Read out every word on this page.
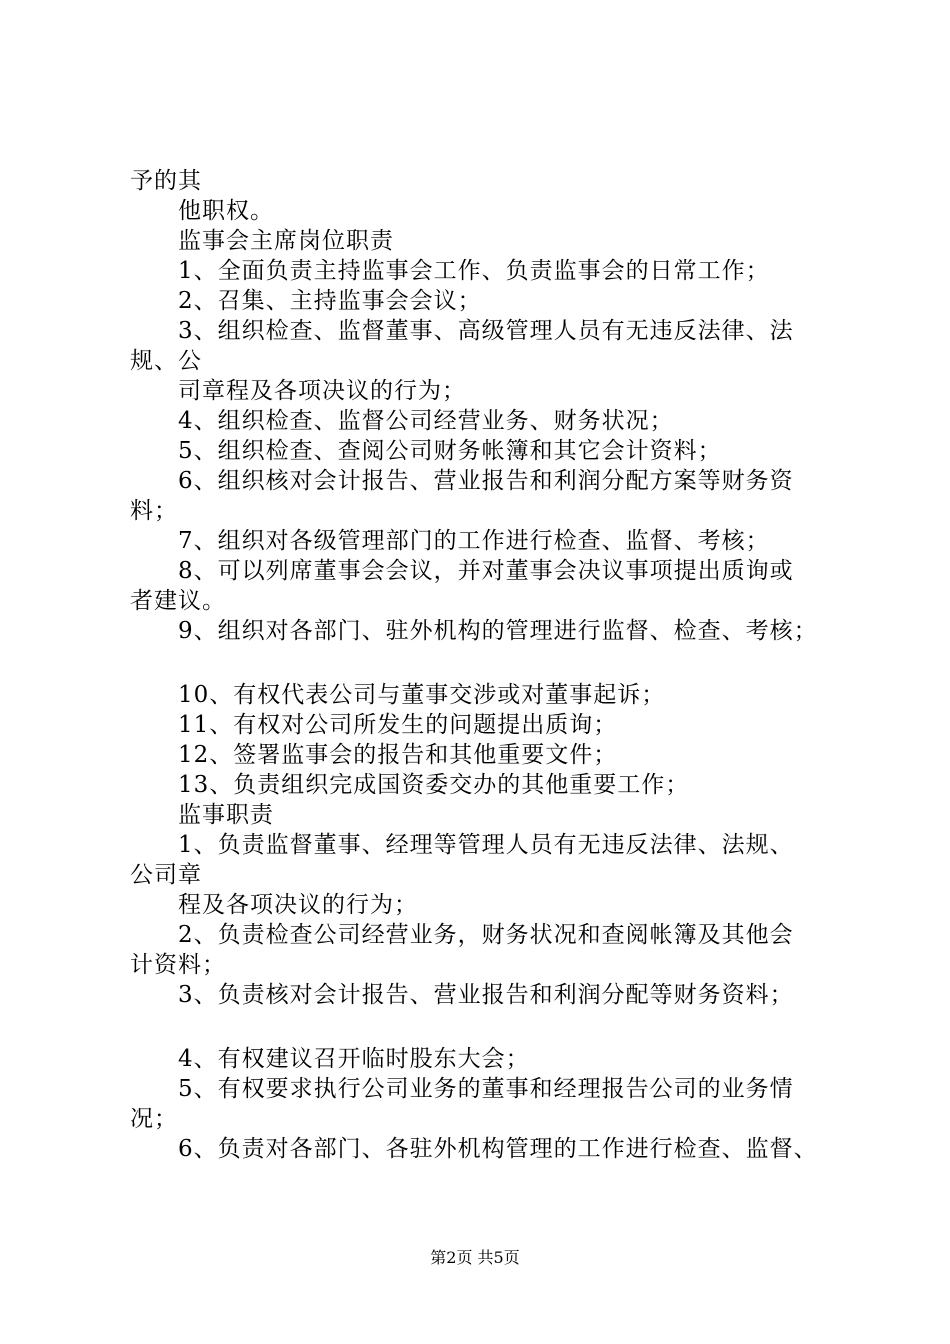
予的其
他职权。
监事会主席岗位职责
1、全面负责主持监事会工作、负责监事会的日常工作；
2、召集、主持监事会会议；
3、组织检查、监督董事、高级管理人员有无违反法律、法
规、公
司章程及各项决议的行为；
4、组织检查、监督公司经营业务、财务状况；
5、组织检查、查阅公司财务帐簿和其它会计资料；
6、组织核对会计报告、营业报告和利润分配方案等财务资
料；
7、组织对各级管理部门的工作进行检查、监督、考核；
8、可以列席董事会会议，并对董事会决议事项提出质询或
者建议。
9、组织对各部门、驻外机构的管理进行监督、检查、考核；
10、有权代表公司与董事交涉或对董事起诉；
11、有权对公司所发生的问题提出质询；
12、签署监事会的报告和其他重要文件；
13、负责组织完成国资委交办的其他重要工作；
监事职责
1、负责监督董事、经理等管理人员有无违反法律、法规、
公司章
程及各项决议的行为；
2、负责检查公司经营业务，财务状况和查阅帐簿及其他会
计资料；
3、负责核对会计报告、营业报告和利润分配等财务资料；
4、有权建议召开临时股东大会；
5、有权要求执行公司业务的董事和经理报告公司的业务情
况；
6、负责对各部门、各驻外机构管理的工作进行检查、监督、
第2页 共5页
